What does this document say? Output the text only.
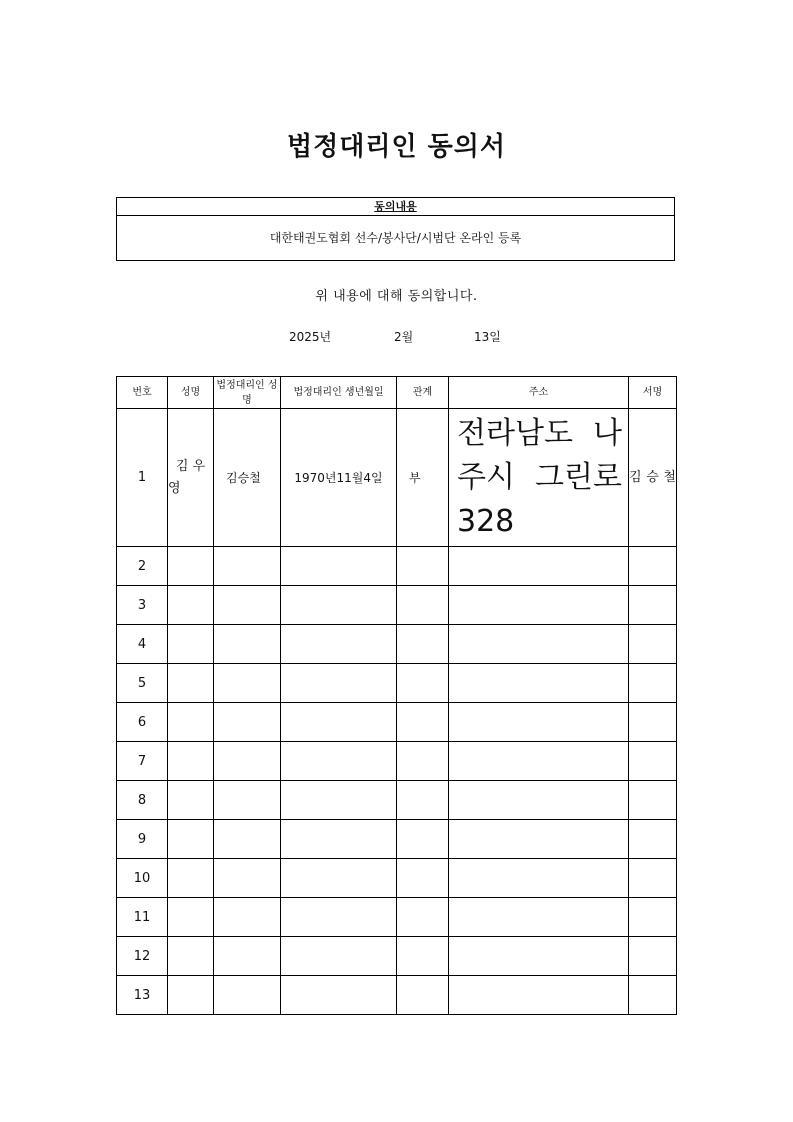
법정대리인 동의서
동의내용
대한태권도협회 선수/봉사단/시범단 온라인 등록
위 내용에 대해 동의합니다.
2025년	2월	13일
번호	성명	법정대리인 성명	법정대리인 생년월일	관계	주소	서명
1	김 우 영	김승철	1970년11월4일	부	전라남도 나주시 그린로 328	김 승 철
2						
3						
4						
5						
6						
7						
8						
9						
10						
11						
12						
13						
